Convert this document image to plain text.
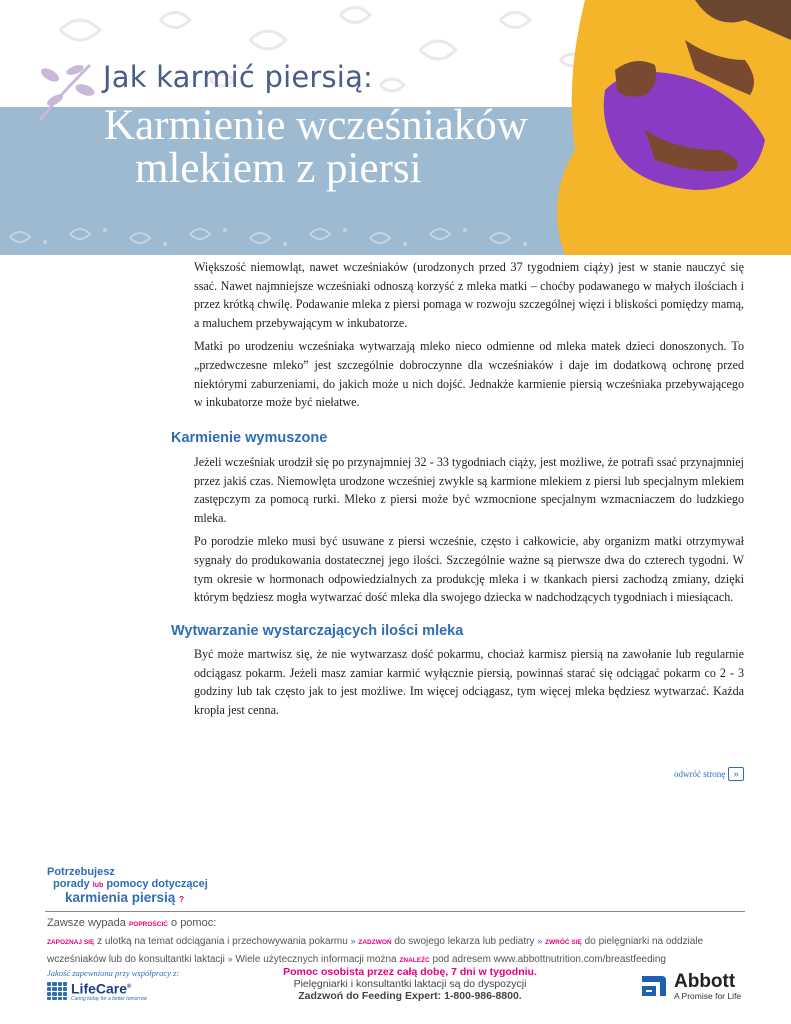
Jak karmić piersią:
Karmienie wcześniaków
mlekiem z piersi

Większość niemowląt, nawet wcześniaków (urodzonych przed 37 tygodniem ciąży) jest w stanie nauczyć się ssać. Nawet najmniejsze wcześniaki odnoszą korzyść z mleka matki – choćby podawanego w małych ilościach i przez krótką chwilę. Podawanie mleka z piersi pomaga w rozwoju szczególnej więzi i bliskości pomiędzy mamą, a maluchem przebywającym w inkubatorze.

Matki po urodzeniu wcześniaka wytwarzają mleko nieco odmienne od mleka matek dzieci donoszonych. To „przedwczesne mleko” jest szczególnie dobroczynne dla wcześniaków i daje im dodatkową ochronę przed niektórymi zaburzeniami, do jakich może u nich dojść. Jednakże karmienie piersią wcześniaka przebywającego w inkubatorze może być niełatwe.

Karmienie wymuszone

Jeżeli wcześniak urodził się po przynajmniej 32 - 33 tygodniach ciąży, jest możliwe, że potrafi ssać przynajmniej przez jakiś czas. Niemowlęta urodzone wcześniej zwykle są karmione mlekiem z piersi lub specjalnym mlekiem zastępczym za pomocą rurki. Mleko z piersi może być wzmocnione specjalnym wzmacniaczem do ludzkiego mleka.

Po porodzie mleko musi być usuwane z piersi wcześnie, często i całkowicie, aby organizm matki otrzymywał sygnały do produkowania dostatecznej jego ilości. Szczególnie ważne są pierwsze dwa do czterech tygodni. W tym okresie w hormonach odpowiedzialnych za produkcję mleka i w tkankach piersi zachodzą zmiany, dzięki którym będziesz mogła wytwarzać dość mleka dla swojego dziecka w nadchodzących tygodniach i miesiącach.

Wytwarzanie wystarczających ilości mleka

Być może martwisz się, że nie wytwarzasz dość pokarmu, chociaż karmisz piersią na zawołanie lub regularnie odciągasz pokarm. Jeżeli masz zamiar karmić wyłącznie piersią, powinnaś starać się odciągać pokarm co 2 - 3 godziny lub tak często jak to jest możliwe. Im więcej odciągasz, tym więcej mleka będziesz wytwarzać. Każda kropla jest cenna.

odwróć stronę »
Potrzebujesz
porady lub pomocy dotyczącej
karmienia piersią ?
Zawsze wypada POPROŚCIĆ o pomoc:
ZAPOZNAJ SIĘ z ulotką na temat odciągania i przechowywania pokarmu » ZADZWOŃ do swojego lekarza lub pediatry » ZWRÓĆ SIĘ do pielęgniarki na oddziale
wcześniaków lub do konsultantki laktacji » Wiele użytecznych informacji można ZNALEŹĆ pod adresem www.abbottnutrition.com/breastfeeding
Jakość zapewniona przy współpracy z:
LifeCare®
Caring today for a better tomorrow
Pomoc osobista przez całą dobę, 7 dni w tygodniu.
Pielęgniarki i konsultantki laktacji są do dyspozycji
Zadzwoń do Feeding Expert: 1-800-986-8800.
Abbott
A Promise for Life
